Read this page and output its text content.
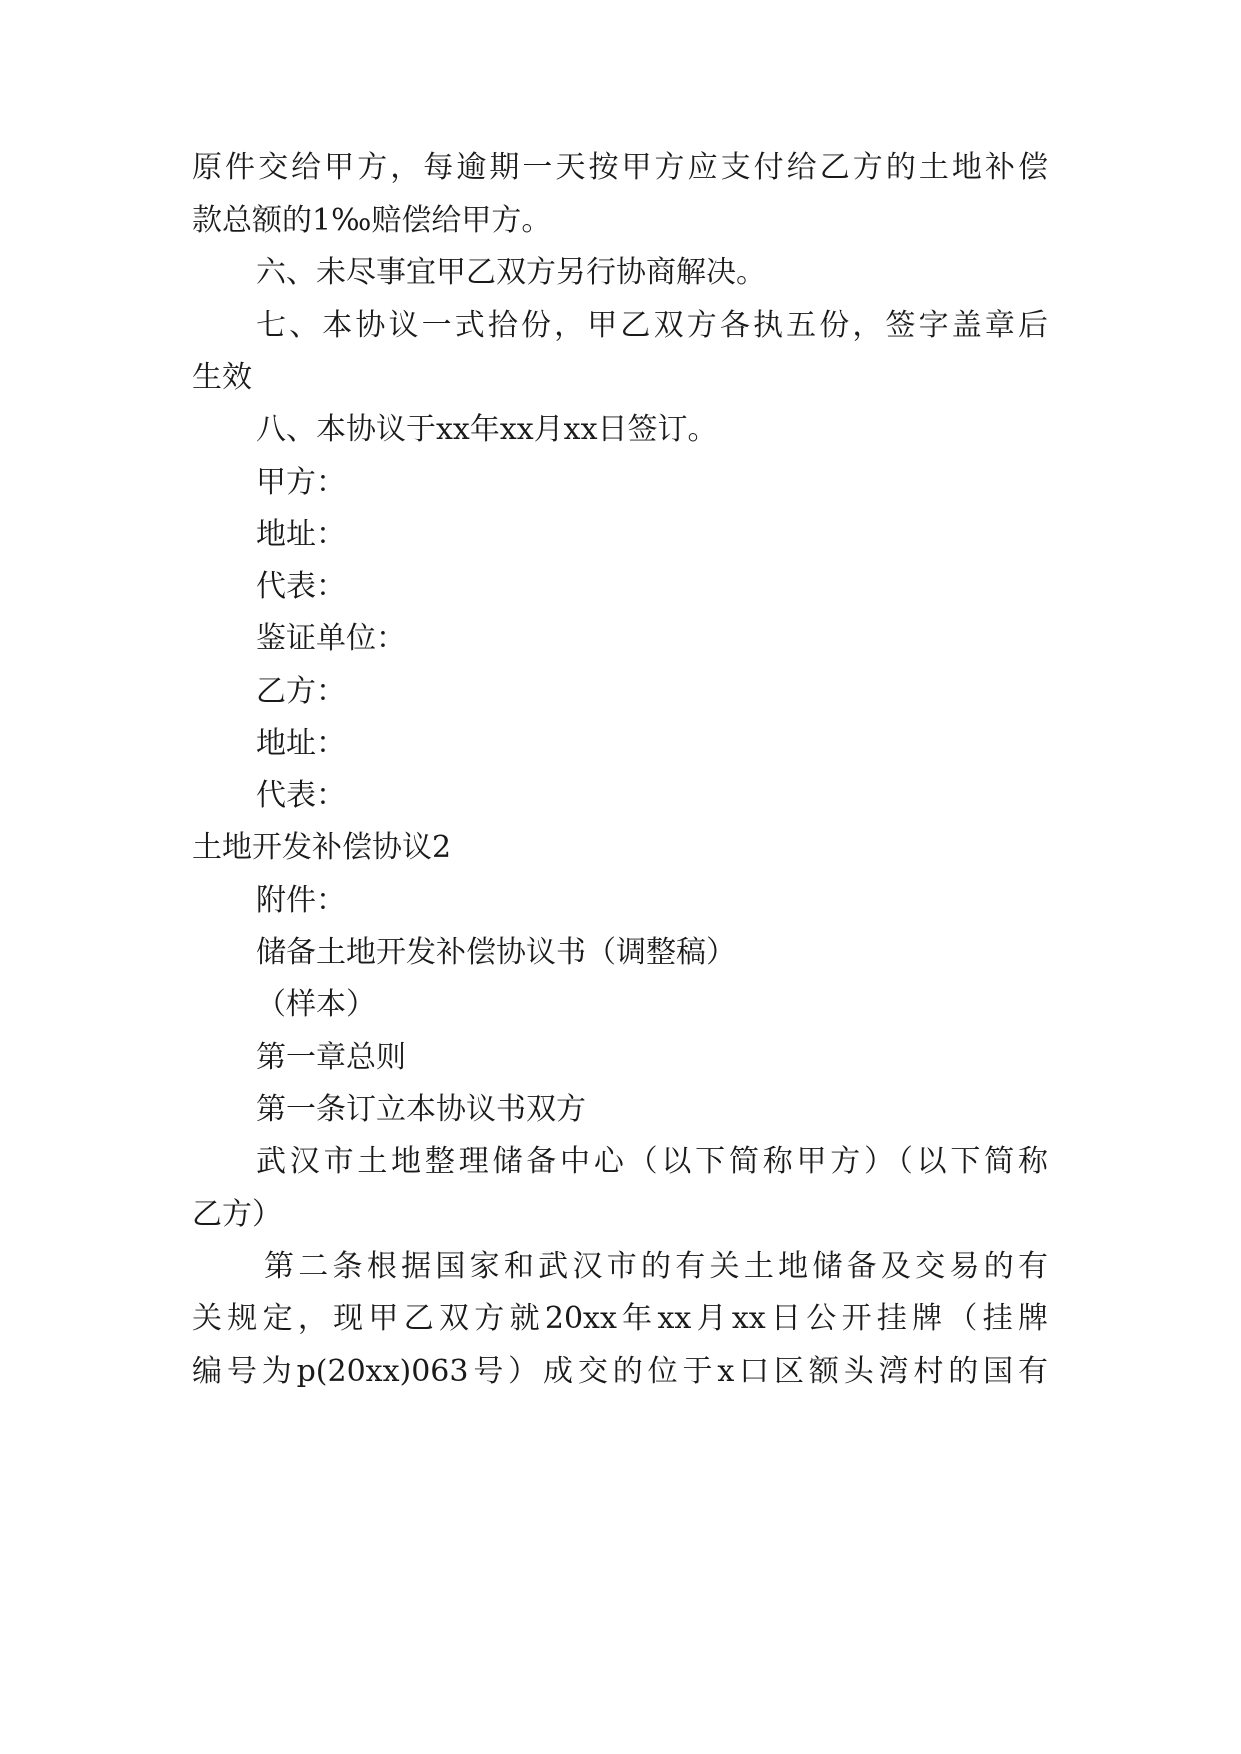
原件交给甲方，每逾期一天按甲方应支付给乙方的土地补偿
款总额的1‰赔偿给甲方。
六、未尽事宜甲乙双方另行协商解决。
七、本协议一式拾份，甲乙双方各执五份，签字盖章后
生效
八、本协议于xx年xx月xx日签订。
甲方：
地址：
代表：
鉴证单位：
乙方：
地址：
代表：
土地开发补偿协议2
附件：
储备土地开发补偿协议书（调整稿）
（样本）
第一章总则
第一条订立本协议书双方
武汉市土地整理储备中心（以下简称甲方）（以下简称
乙方）
第二条根据国家和武汉市的有关土地储备及交易的有
关规定，现甲乙双方就20xx年xx月xx日公开挂牌（挂牌
编号为p(20xx)063号）成交的位于x口区额头湾村的国有
